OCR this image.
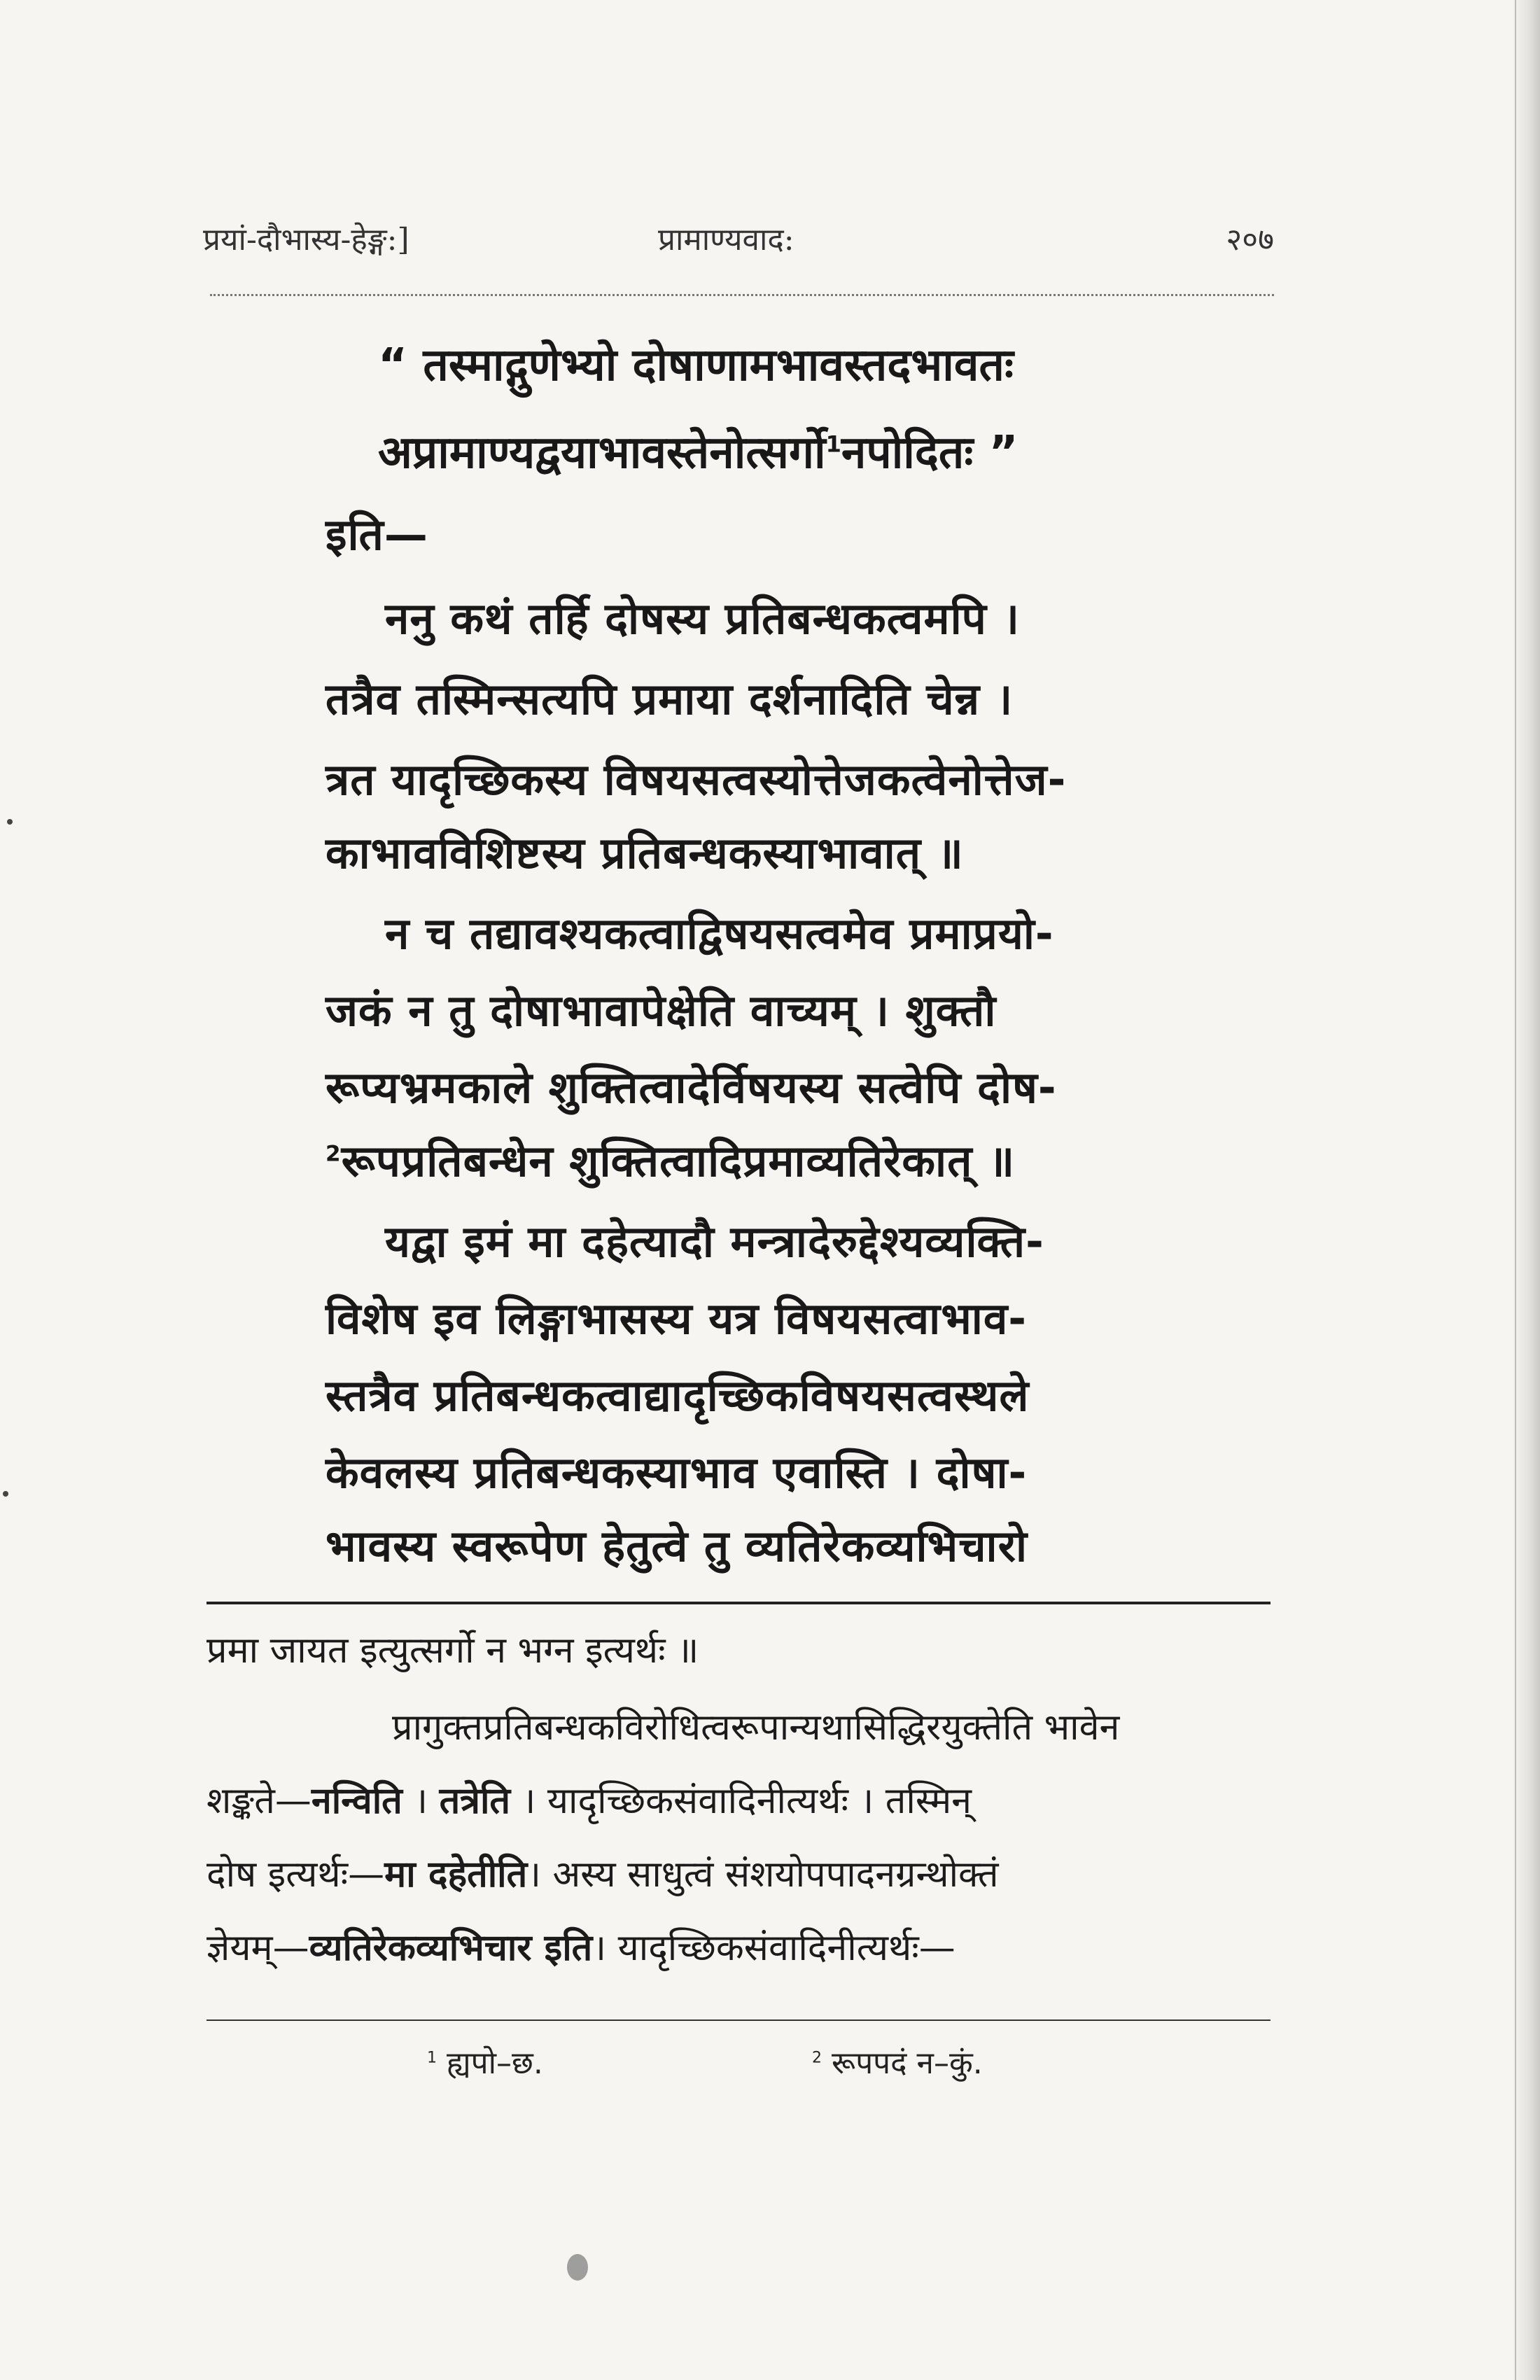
प्रयां-दौभास्य-हेङ्ग:]	प्रामाण्यवाद:	२०७
“ तस्माद्गुणेभ्यो दोषाणामभावस्तदभावतः
अप्रामाण्यद्वयाभावस्तेनोत्सर्गो$^1$नपोदितः ”
इति—
ननु कथं तर्हि दोषस्य प्रतिबन्धकत्वमपि ।
तत्रैव तस्मिन्सत्यपि प्रमाया दर्शनादिति चेन्न ।
त्रत याद‍ृच्छिकस्य विषयसत्वस्योत्तेजकत्वेनोत्तेज-
काभावविशिष्टस्य प्रतिबन्धकस्याभावात् ॥
न च तद्यावश्यकत्वाद्विषयसत्वमेव प्रमाप्रयो-
जकं न तु दोषाभावापेक्षेति वाच्यम् । शुक्तौ
रूप्यभ्रमकाले शुक्तित्वादेर्विषयस्य सत्वेपि दोष-
$^2$रूपप्रतिबन्धेन शुक्तित्वादिप्रमाव्यतिरेकात् ॥
यद्वा इमं मा दहेत्यादौ मन्त्रादेरुद्देश्यव्यक्ति-
विशेष इव लिङ्गाभासस्य यत्र विषयसत्वाभाव-
स्तत्रैव प्रतिबन्धकत्वाद्याद‍ृच्छिकविषयसत्वस्थले
केवलस्य प्रतिबन्धकस्याभाव एवास्ति । दोषा-
भावस्य स्वरूपेण हेतुत्वे तु व्यतिरेकव्यभिचारो
प्रमा जायत इत्युत्सर्गो न भग्न इत्यर्थः ॥
प्रागुक्तप्रतिबन्धकविरोधित्वरूपान्यथासिद्धिरयुक्तेति भावेन
शङ्कते—नन्विति । तत्रेति । याद‍ृच्छिकसंवादिनीत्यर्थः । तस्मिन्
दोष इत्यर्थः—मा दहेतीति। अस्य साधुत्वं संशयोपपादनग्रन्थोक्तं
ज्ञेयम्—व्यतिरेकव्यभिचार इति। याद‍ृच्छिकसंवादिनीत्यर्थः—
$^1$ ह्यपो–छ.	$^2$ रूपपदं न–कुं.
